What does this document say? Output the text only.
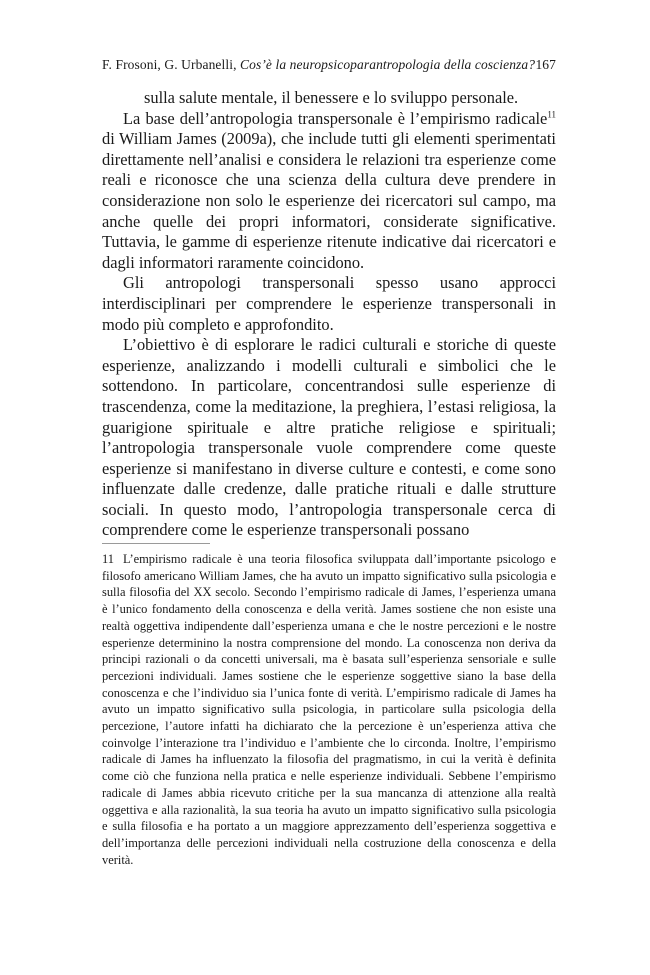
F. Frosoni, G. Urbanelli, Cos’è la neuropsicoparantropologia della coscienza? 167

sulla salute mentale, il benessere e lo sviluppo personale.

La base dell’antropologia transpersonale è l’empirismo radicale$^{11}$ di William James (2009a), che include tutti gli elementi sperimentati direttamente nell’analisi e considera le relazioni tra esperienze come reali e riconosce che una scienza della cultura deve prendere in considerazione non solo le esperienze dei ricercatori sul campo, ma anche quelle dei propri informatori, considerate significative. Tuttavia, le gamme di esperienze ritenute indicative dai ricercatori e dagli informatori raramente coincidono.

Gli antropologi transpersonali spesso usano approcci interdisciplinari per comprendere le esperienze transpersonali in modo più completo e approfondito.

L’obiettivo è di esplorare le radici culturali e storiche di queste esperienze, analizzando i modelli culturali e simbolici che le sottendono. In particolare, concentrandosi sulle esperienze di trascendenza, come la meditazione, la preghiera, l’estasi religiosa, la guarigione spirituale e altre pratiche religiose e spirituali; l’antropologia transpersonale vuole comprendere come queste esperienze si manifestano in diverse culture e contesti, e come sono influenzate dalle credenze, dalle pratiche rituali e dalle strutture sociali. In questo modo, l’antropologia transpersonale cerca di comprendere come le esperienze transpersonali possano

11 L’empirismo radicale è una teoria filosofica sviluppata dall’importante psicologo e filosofo americano William James, che ha avuto un impatto significativo sulla psicologia e sulla filosofia del XX secolo. Secondo l’empirismo radicale di James, l’esperienza umana è l’unico fondamento della conoscenza e della verità. James sostiene che non esiste una realtà oggettiva indipendente dall’esperienza umana e che le nostre percezioni e le nostre esperienze determinino la nostra comprensione del mondo. La conoscenza non deriva da principi razionali o da concetti universali, ma è basata sull’esperienza sensoriale e sulle percezioni individuali. James sostiene che le esperienze soggettive siano la base della conoscenza e che l’individuo sia l’unica fonte di verità. L’empirismo radicale di James ha avuto un impatto significativo sulla psicologia, in particolare sulla psicologia della percezione, l’autore infatti ha dichiarato che la percezione è un’esperienza attiva che coinvolge l’interazione tra l’individuo e l’ambiente che lo circonda. Inoltre, l’empirismo radicale di James ha influenzato la filosofia del pragmatismo, in cui la verità è definita come ciò che funziona nella pratica e nelle esperienze individuali. Sebbene l’empirismo radicale di James abbia ricevuto critiche per la sua mancanza di attenzione alla realtà oggettiva e alla razionalità, la sua teoria ha avuto un impatto significativo sulla psicologia e sulla filosofia e ha portato a un maggiore apprezzamento dell’esperienza soggettiva e dell’importanza delle percezioni individuali nella costruzione della conoscenza e della verità.
